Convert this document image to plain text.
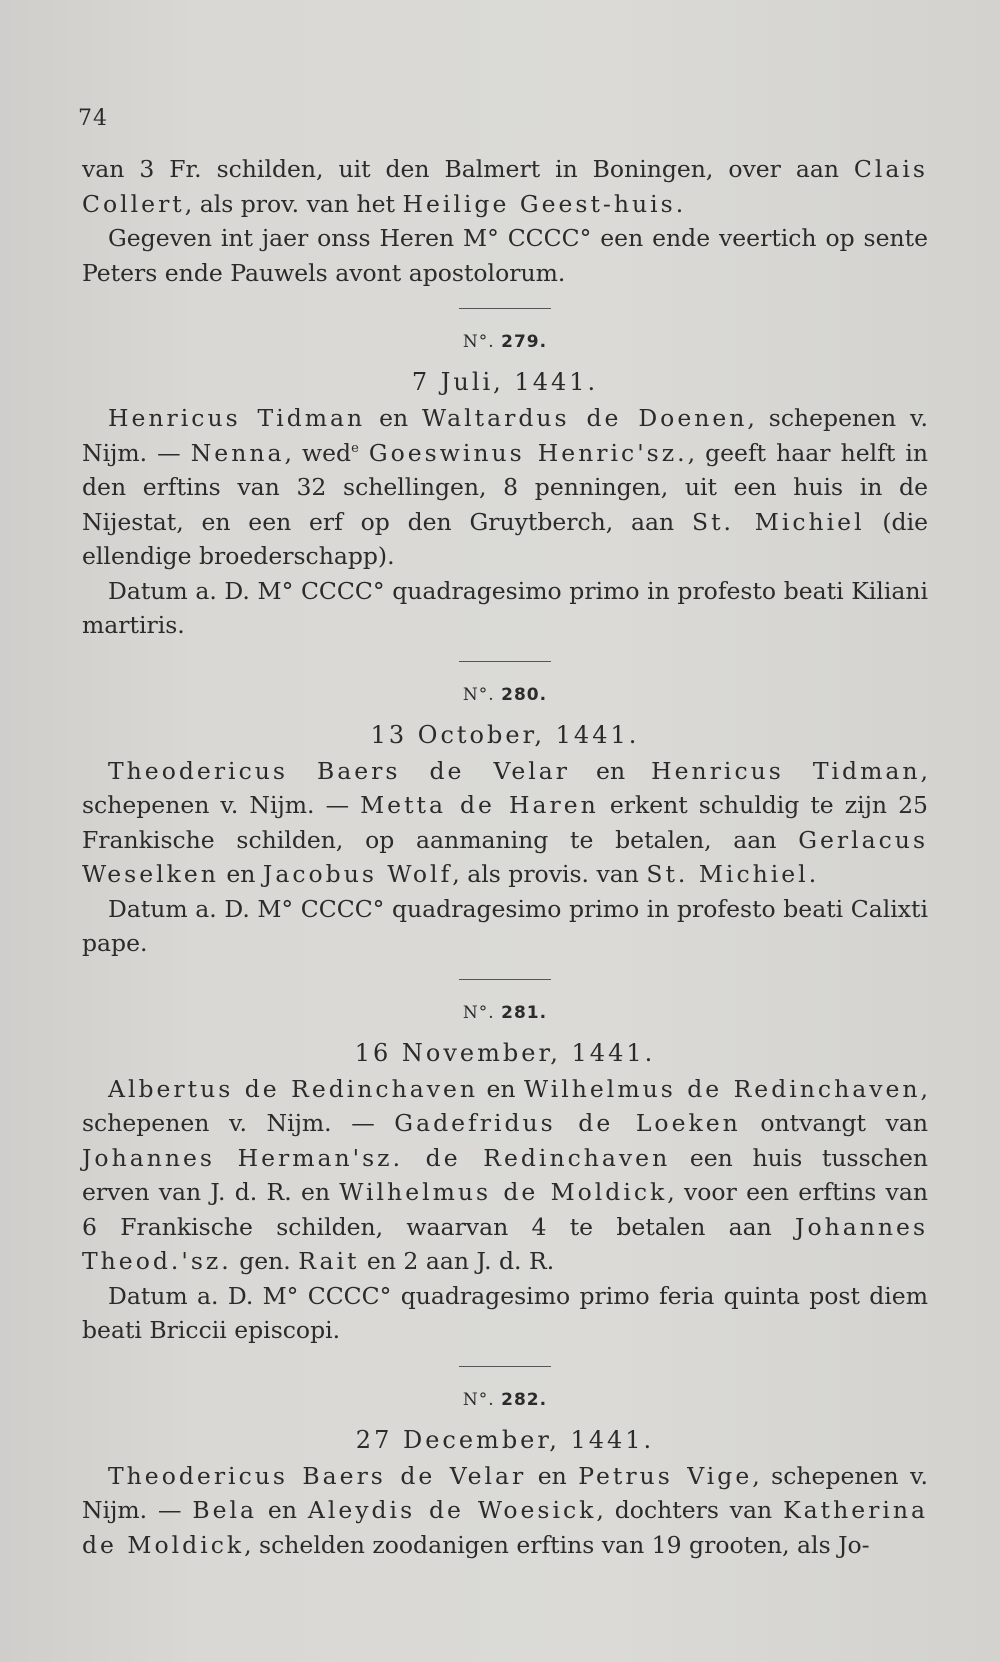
74

van 3 Fr. schilden, uit den Balmert in Boningen, over aan Clais Collert, als prov. van het Heilige Geest-huis.

Gegeven int jaer onss Heren M° CCCC° een ende veertich op sente Peters ende Pauwels avont apostolorum.

N°. 279.
7 Juli, 1441.

Henricus Tidman en Waltardus de Doenen, schepenen v. Nijm. — Nenna, wed$^e$ Goeswinus Henric'sz., geeft haar helft in den erftins van 32 schellingen, 8 penningen, uit een huis in de Nijestat, en een erf op den Gruytberch, aan St. Michiel (die ellendige broederschapp).

Datum a. D. M° CCCC° quadragesimo primo in profesto beati Kiliani martiris.

N°. 280.
13 October, 1441.

Theodericus Baers de Velar en Henricus Tidman, schepenen v. Nijm. — Metta de Haren erkent schuldig te zijn 25 Frankische schilden, op aanmaning te betalen, aan Gerlacus Weselken en Jacobus Wolf, als provis. van St. Michiel.

Datum a. D. M° CCCC° quadragesimo primo in profesto beati Calixti pape.

N°. 281.
16 November, 1441.

Albertus de Redinchaven en Wilhelmus de Redinchaven, schepenen v. Nijm. — Gadefridus de Loeken ontvangt van Johannes Herman'sz. de Redinchaven een huis tusschen erven van J. d. R. en Wilhelmus de Moldick, voor een erftins van 6 Frankische schilden, waarvan 4 te betalen aan Johannes Theod.'sz. gen. Rait en 2 aan J. d. R.

Datum a. D. M° CCCC° quadragesimo primo feria quinta post diem beati Briccii episcopi.

N°. 282.
27 December, 1441.

Theodericus Baers de Velar en Petrus Vige, schepenen v. Nijm. — Bela en Aleydis de Woesick, dochters van Katherina de Moldick, schelden zoodanigen erftins van 19 grooten, als Jo-
